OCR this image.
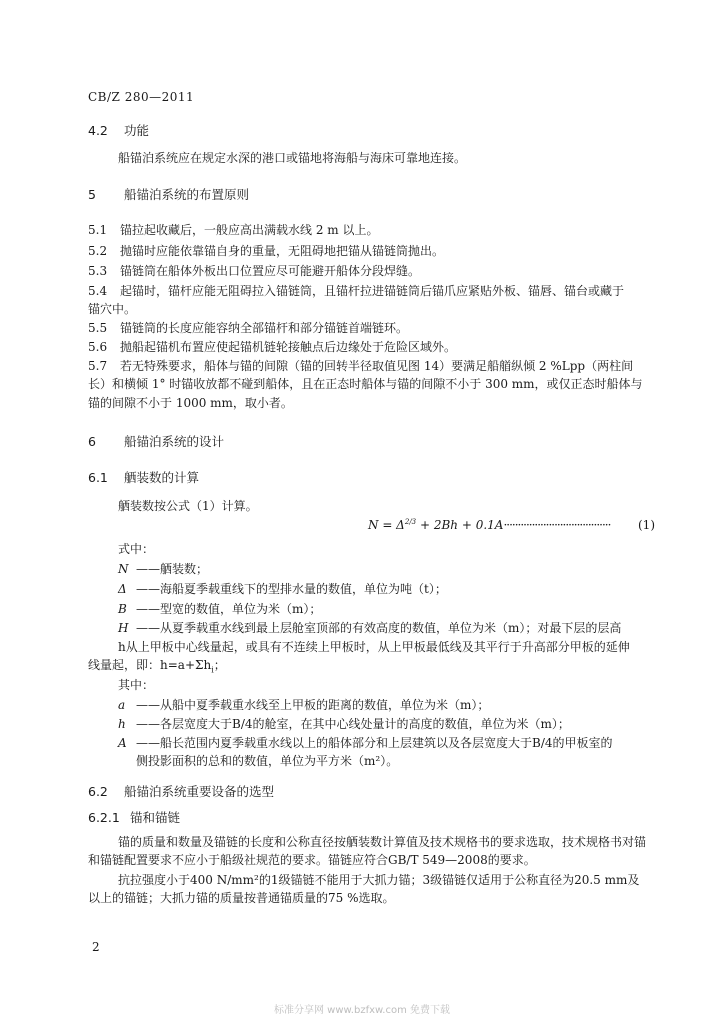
CB/Z 280—2011
4.2 功能
船锚泊系统应在规定水深的港口或锚地将海船与海床可靠地连接。
5 船锚泊系统的布置原则
5.1 锚拉起收藏后，一般应高出满载水线 2 m 以上。
5.2 抛锚时应能依靠锚自身的重量，无阻碍地把锚从锚链筒抛出。
5.3 锚链筒在船体外板出口位置应尽可能避开船体分段焊缝。
5.4 起锚时，锚杆应能无阻碍拉入锚链筒，且锚杆拉进锚链筒后锚爪应紧贴外板、锚唇、锚台或藏于
锚穴中。
5.5 锚链筒的长度应能容纳全部锚杆和部分锚链首端链环。
5.6 抛船起锚机布置应使起锚机链轮接触点后边缘处于危险区域外。
5.7 若无特殊要求，船体与锚的间隙（锚的回转半径取值见图 14）要满足船艏纵倾 2 %Lpp（两柱间
长）和横倾 1° 时锚收放都不碰到船体，且在正态时船体与锚的间隙不小于 300 mm，或仅正态时船体与
锚的间隙不小于 1000 mm，取小者。
6 船锚泊系统的设计
6.1 舾装数的计算
舾装数按公式（1）计算。
$N = \Delta^{2/3} + 2Bh + 0.1A\cdot\cdot\cdot\cdot\cdot\cdot\cdot\cdot\cdot\cdot\cdot\cdot\cdot\cdot\cdot\cdot\cdot\cdot\cdot\cdot\cdot\cdot\cdot\cdot\cdot\cdot\cdot\cdot\cdot\cdot\cdot\cdot\cdot\cdot\cdot\cdot\cdot\cdot (1)$
式中：
N ——舾装数；
Δ ——海船夏季载重线下的型排水量的数值，单位为吨（t）；
B ——型宽的数值，单位为米（m）；
H ——从夏季载重水线到最上层舱室顶部的有效高度的数值，单位为米（m）；对最下层的层高
h从上甲板中心线量起，或具有不连续上甲板时，从上甲板最低线及其平行于升高部分甲板的延伸
线量起，即：$h=a+\Sigma h_i$；
其中：
a ——从船中夏季载重水线至上甲板的距离的数值，单位为米（m）；
h ——各层宽度大于B/4的舱室，在其中心线处量计的高度的数值，单位为米（m）；
A ——船长范围内夏季载重水线以上的船体部分和上层建筑以及各层宽度大于B/4的甲板室的
侧投影面积的总和的数值，单位为平方米（m²）。
6.2 船锚泊系统重要设备的选型
6.2.1 锚和锚链
锚的质量和数量及锚链的长度和公称直径按舾装数计算值及技术规格书的要求选取，技术规格书对锚和锚链配置要求不应小于船级社规范的要求。锚链应符合GB/T 549—2008的要求。
抗拉强度小于400 N/mm²的1级锚链不能用于大抓力锚；3级锚链仅适用于公称直径为20.5 mm及以上的锚链；大抓力锚的质量按普通锚质量的75 %选取。
2
标准分享网 www.bzfxw.com 免费下载
